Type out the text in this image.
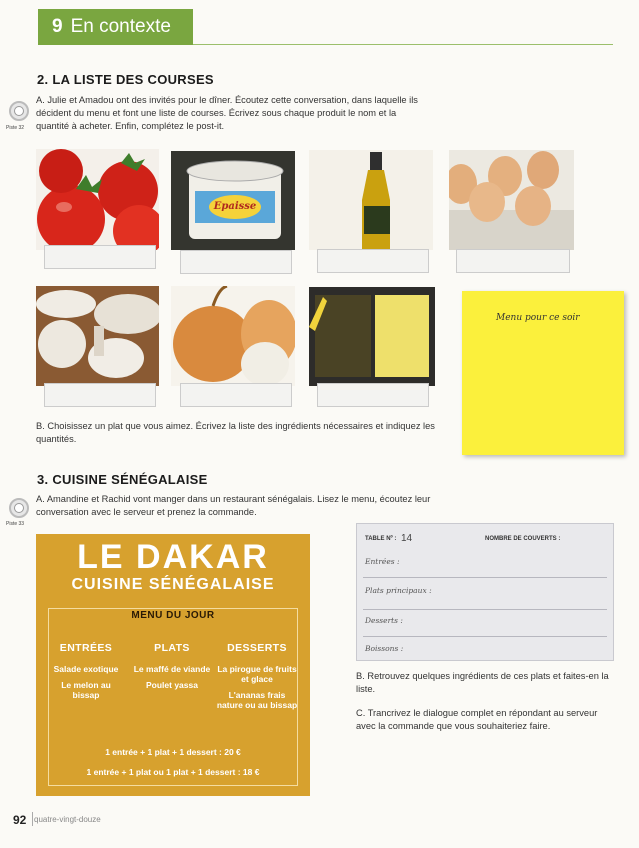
9 En contexte
2. LA LISTE DES COURSES
Piste 32
A. Julie et Amadou ont des invités pour le dîner. Écoutez cette conversation, dans laquelle ils décident du menu et font une liste de courses. Écrivez sous chaque produit le nom et la quantité à acheter. Enfin, complétez le post-it.
Epaisse
Menu pour ce soir
B. Choisissez un plat que vous aimez. Écrivez la liste des ingrédients nécessaires et indiquez les quantités.
3. CUISINE SÉNÉGALAISE
Piste 33
A. Amandine et Rachid vont manger dans un restaurant sénégalais. Lisez le menu, écoutez leur conversation avec le serveur et prenez la commande.
LE DAKAR
CUISINE SÉNÉGALAISE
MENU DU JOUR
ENTRÉES
Salade exotique
Le melon au bissap
PLATS
Le maffé de viande
Poulet yassa
DESSERTS
La pirogue de fruits et glace
L'ananas frais nature ou au bissap
1 entrée + 1 plat + 1 dessert : 20 €
1 entrée + 1 plat ou 1 plat + 1 dessert : 18 €
TABLE Nº : 14	NOMBRE DE COUVERTS :
Entrées :
Plats principaux :
Desserts :
Boissons :
B. Retrouvez quelques ingrédients de ces plats et faites-en la liste.
C. Trancrivez le dialogue complet en répondant au serveur avec la commande que vous souhaiteriez faire.
92 quatre-vingt-douze
